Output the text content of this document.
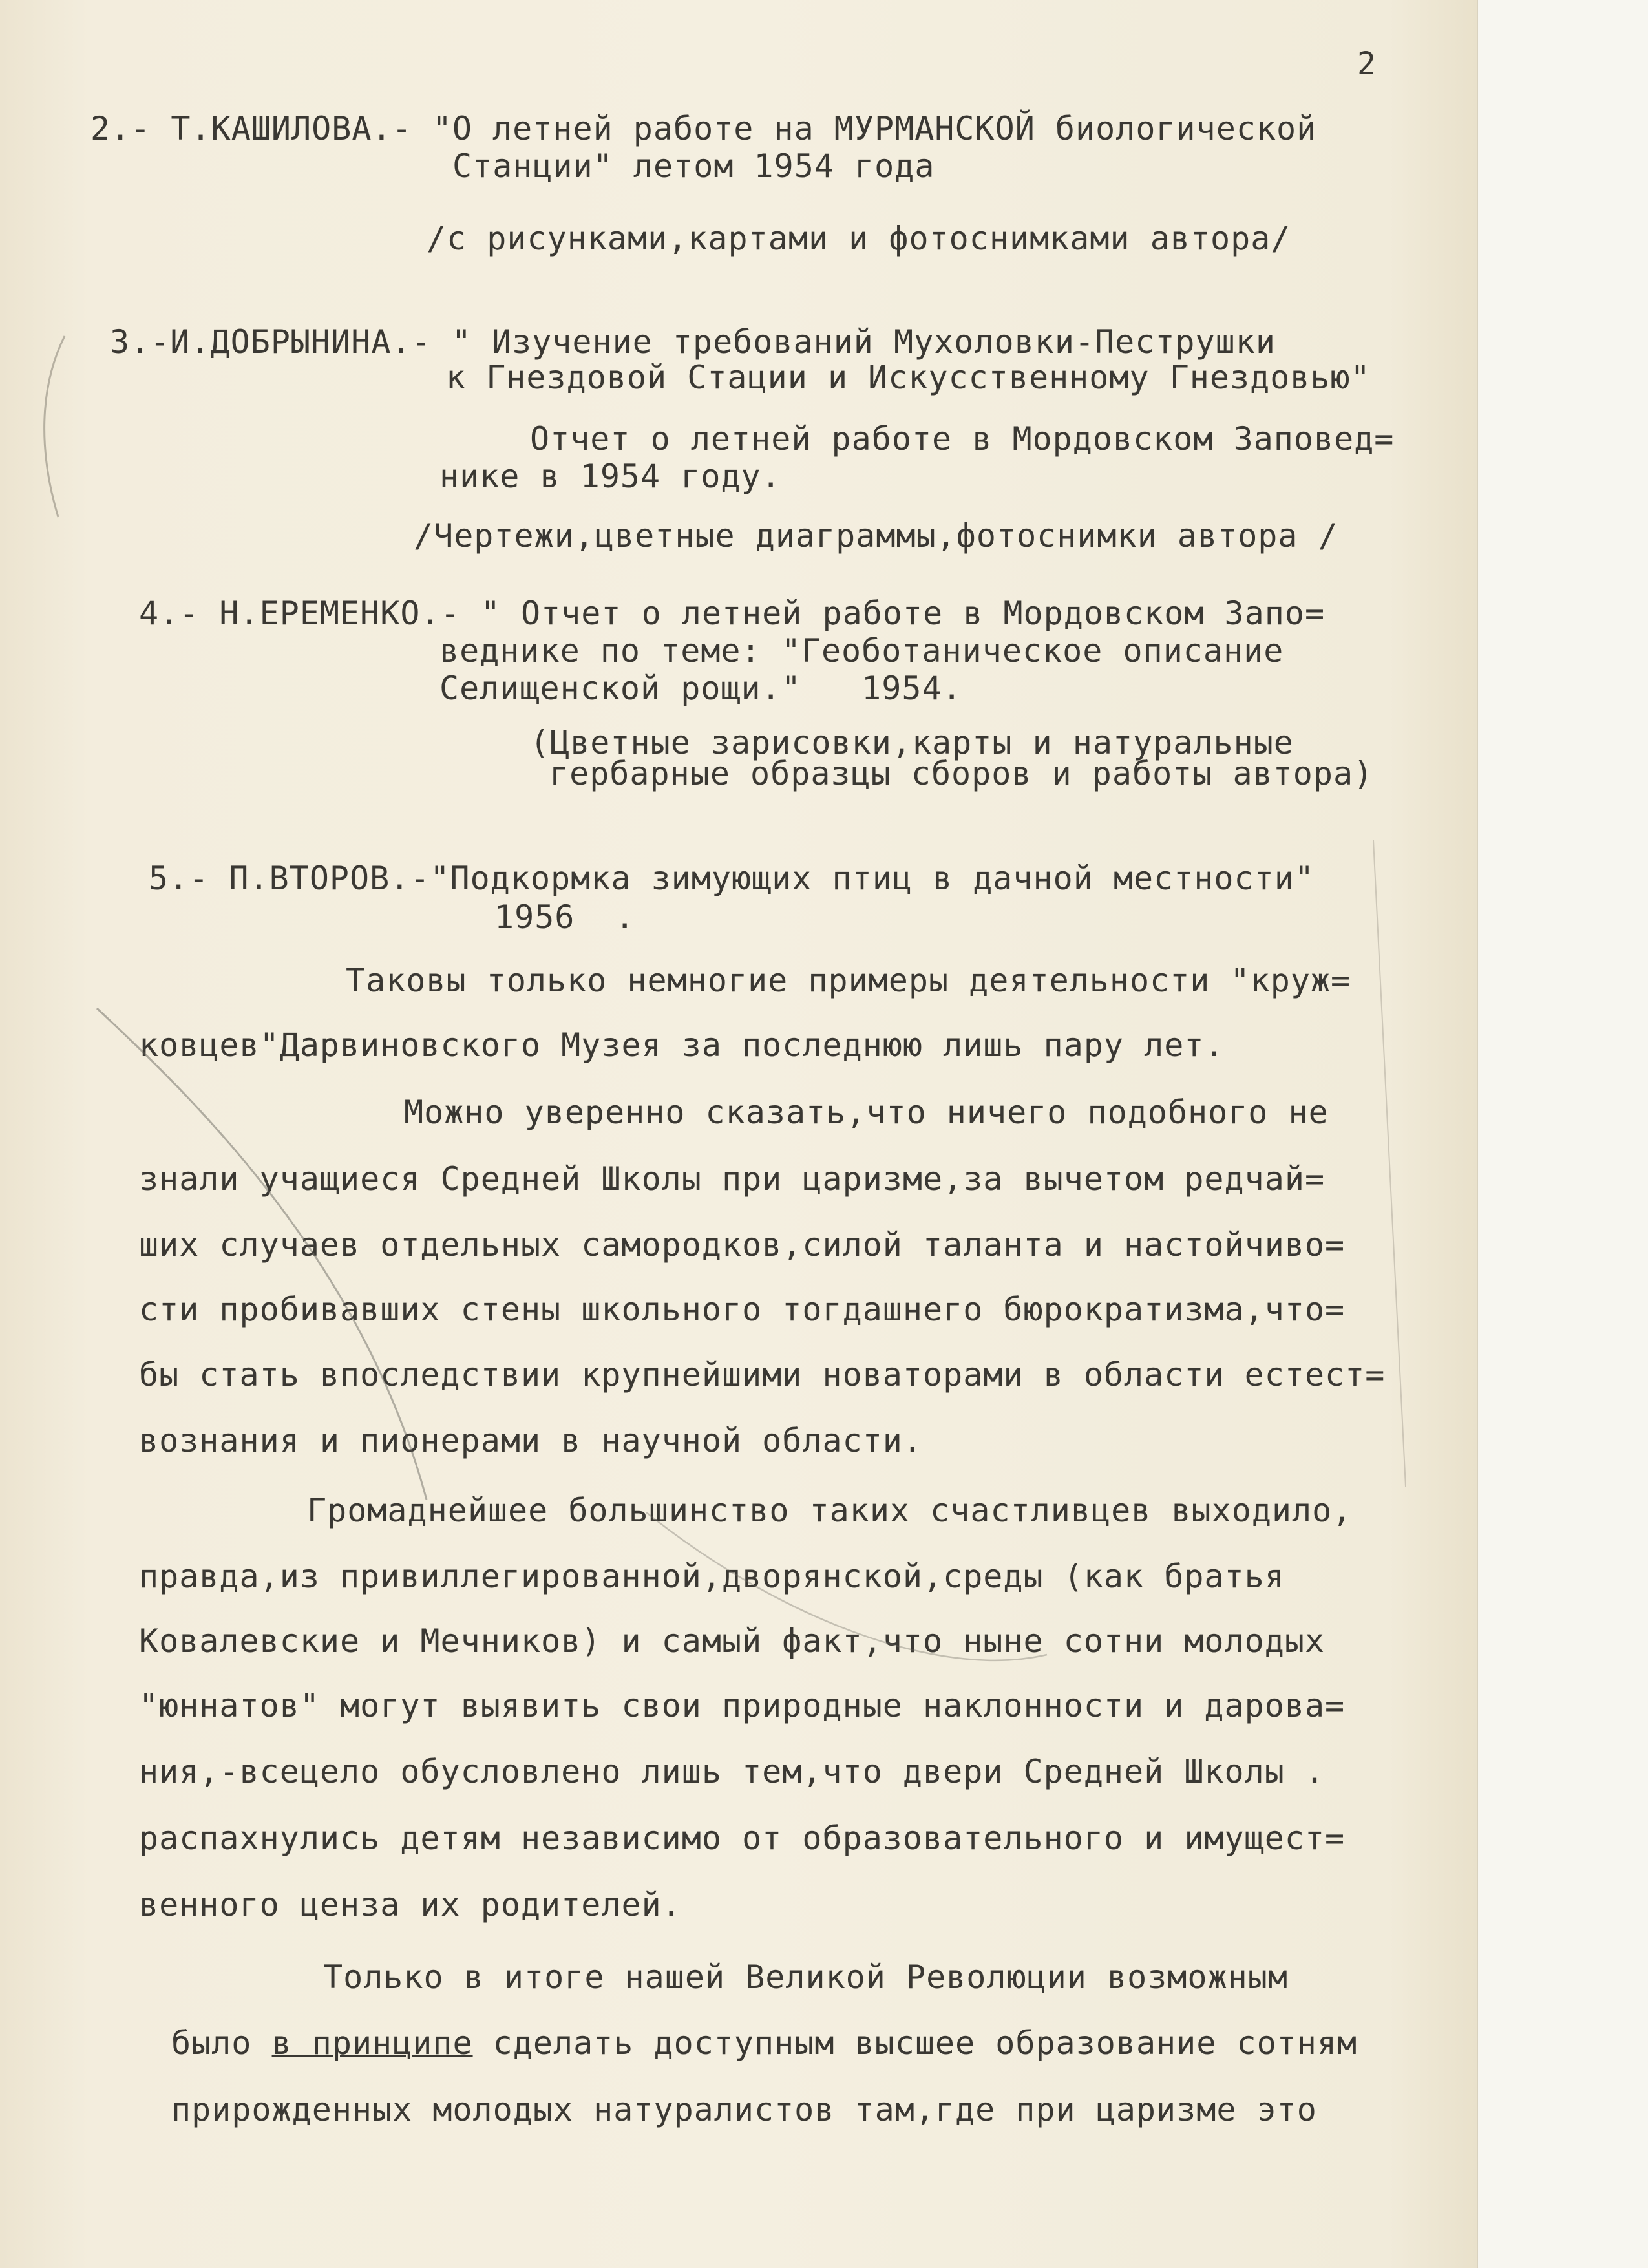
2
2.- Т.КАШИЛОВА.- "О летней работе на МУРМАНСКОЙ биологической
Станции" летом 1954 года
/с рисунками,картами и фотоснимками автора/
3.-И.ДОБРЫНИНА.- " Изучение требований Мухоловки-Пеструшки
к Гнездовой Стации и Искусственному Гнездовью"
Отчет о летней работе в Мордовском Заповед=
нике в 1954 году.
/Чертежи,цветные диаграммы,фотоснимки автора /
4.- Н.ЕРЕМЕНКО.- " Отчет о летней работе в Мордовском Запо=
веднике по теме: "Геоботаническое описание
Селищенской рощи."   1954.
(Цветные зарисовки,карты и натуральные
гербарные образцы сборов и работы автора)
5.- П.ВТОРОВ.-"Подкормка зимующих птиц в дачной местности"
1956  .
Таковы только немногие примеры деятельности "круж=
ковцев"Дарвиновского Музея за последнюю лишь пару лет.
Можно уверенно сказать,что ничего подобного не
знали учащиеся Средней Школы при царизме,за вычетом редчай=
ших случаев отдельных самородков,силой таланта и настойчиво=
сти пробивавших стены школьного тогдашнего бюрократизма,что=
бы стать впоследствии крупнейшими новаторами в области естест=
вознания и пионерами в научной области.
Громаднейшее большинство таких счастливцев выходило,
правда,из привиллегированной,дворянской,среды (как братья
Ковалевские и Мечников) и самый факт,что ныне сотни молодых
"юннатов" могут выявить свои природные наклонности и дарова=
ния,-всецело обусловлено лишь тем,что двери Средней Школы .
распахнулись детям независимо от образовательного и имущест=
венного ценза их родителей.
Только в итоге нашей Великой Революции возможным
было в принципе сделать доступным высшее образование сотням
прирожденных молодых натуралистов там,где при царизме это
